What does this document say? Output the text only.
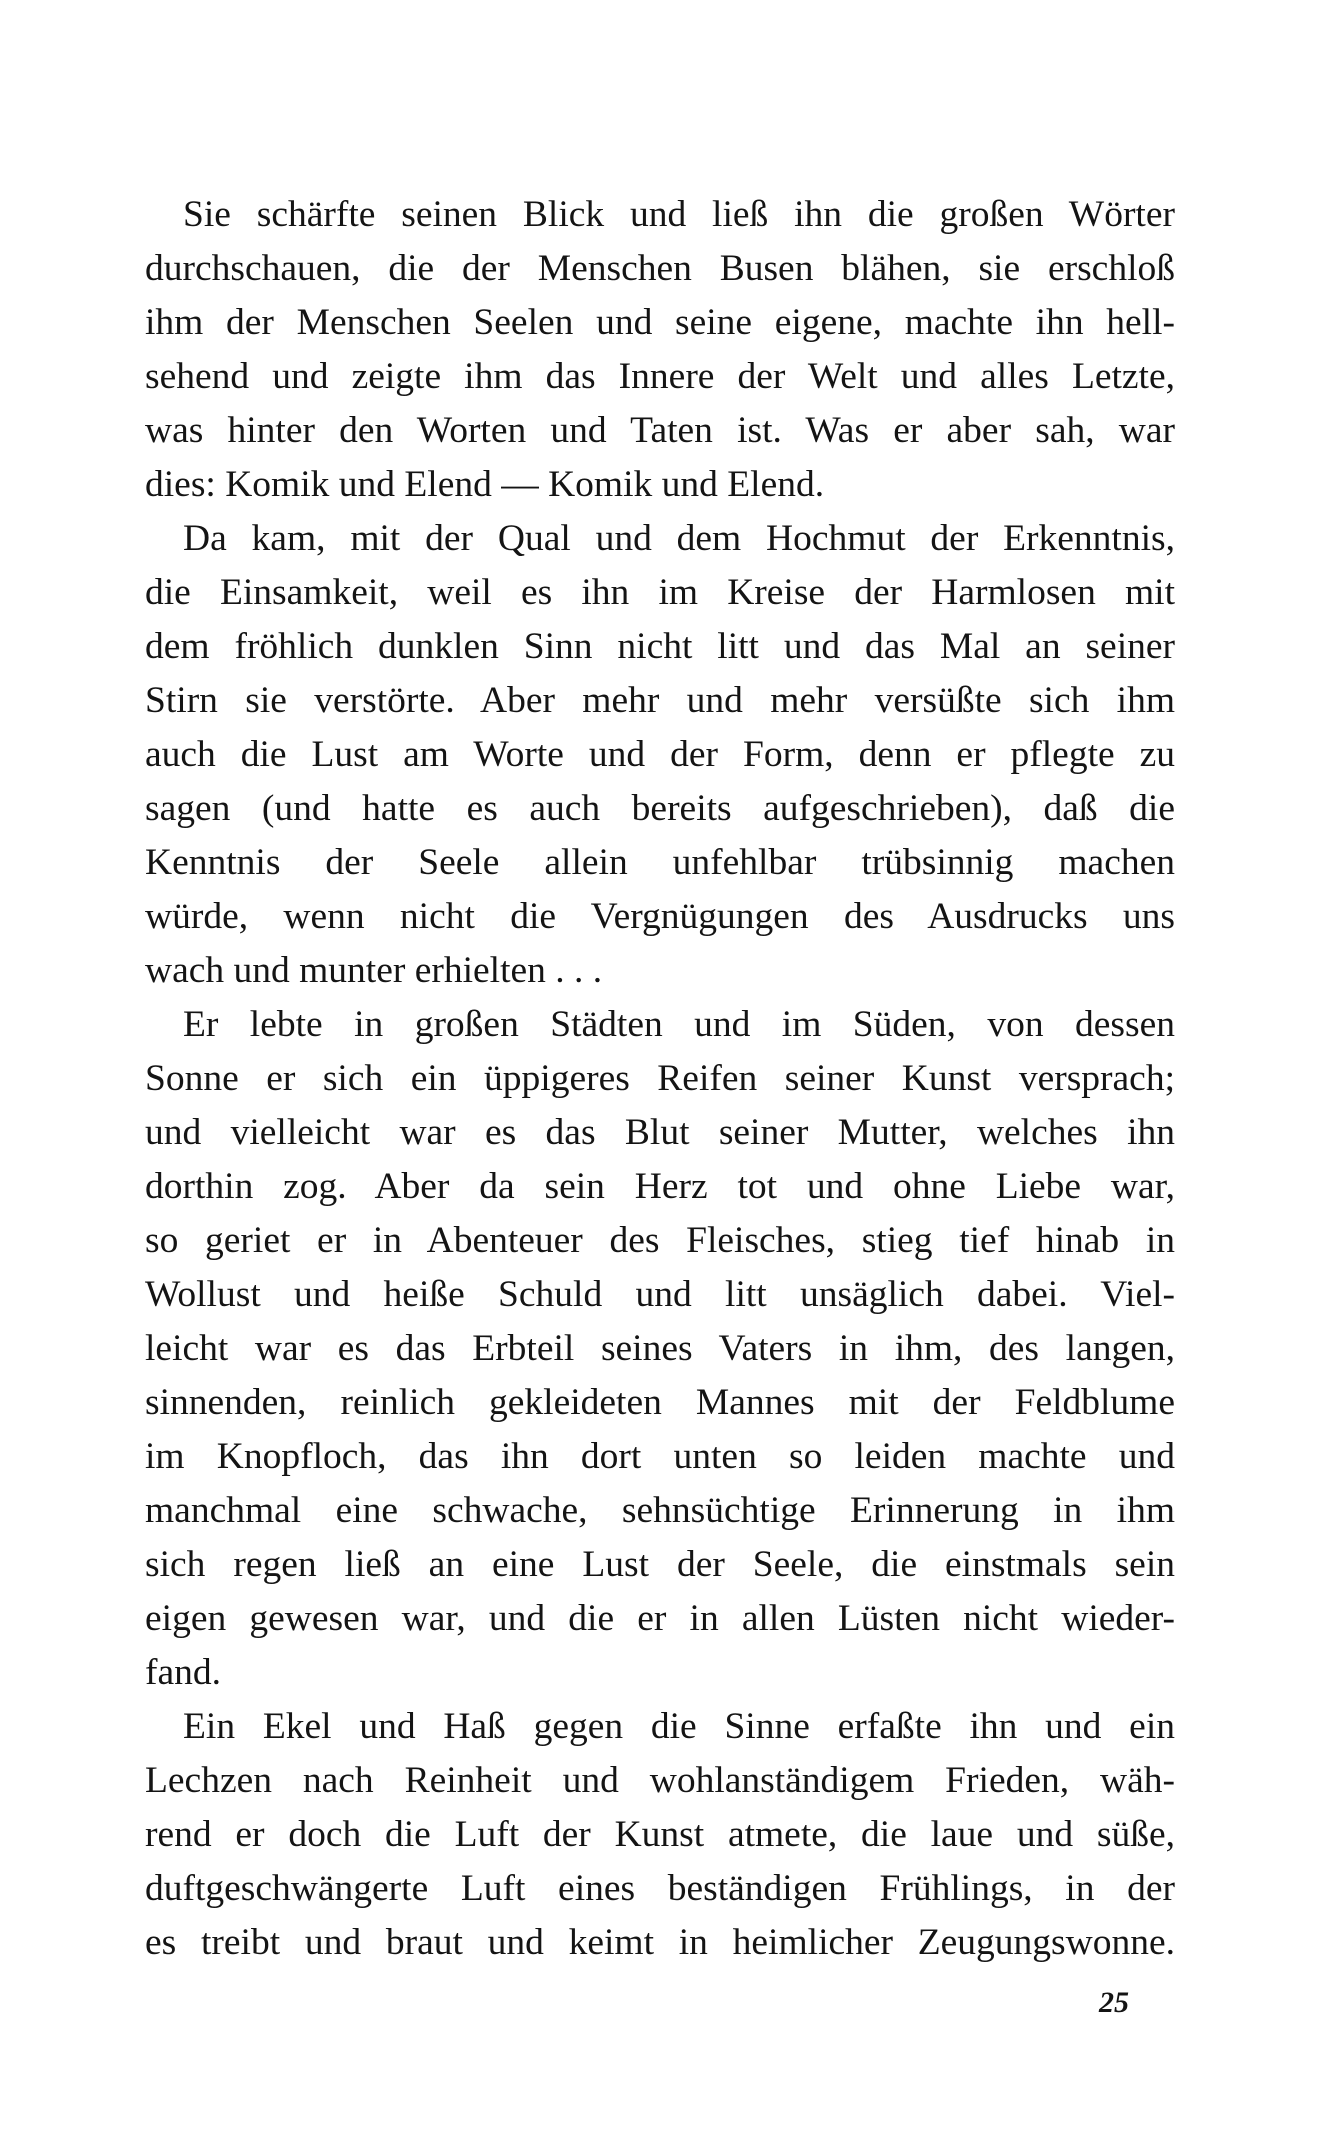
Sie schärfte seinen Blick und ließ ihn die großen Wörter
durchschauen, die der Menschen Busen blähen, sie erschloß
ihm der Menschen Seelen und seine eigene, machte ihn hell-
sehend und zeigte ihm das Innere der Welt und alles Letzte,
was hinter den Worten und Taten ist. Was er aber sah, war
dies: Komik und Elend — Komik und Elend.
Da kam, mit der Qual und dem Hochmut der Erkenntnis,
die Einsamkeit, weil es ihn im Kreise der Harmlosen mit
dem fröhlich dunklen Sinn nicht litt und das Mal an seiner
Stirn sie verstörte. Aber mehr und mehr versüßte sich ihm
auch die Lust am Worte und der Form, denn er pflegte zu
sagen (und hatte es auch bereits aufgeschrieben), daß die
Kenntnis der Seele allein unfehlbar trübsinnig machen
würde, wenn nicht die Vergnügungen des Ausdrucks uns
wach und munter erhielten . . .
Er lebte in großen Städten und im Süden, von dessen
Sonne er sich ein üppigeres Reifen seiner Kunst versprach;
und vielleicht war es das Blut seiner Mutter, welches ihn
dorthin zog. Aber da sein Herz tot und ohne Liebe war,
so geriet er in Abenteuer des Fleisches, stieg tief hinab in
Wollust und heiße Schuld und litt unsäglich dabei. Viel-
leicht war es das Erbteil seines Vaters in ihm, des langen,
sinnenden, reinlich gekleideten Mannes mit der Feldblume
im Knopfloch, das ihn dort unten so leiden machte und
manchmal eine schwache, sehnsüchtige Erinnerung in ihm
sich regen ließ an eine Lust der Seele, die einstmals sein
eigen gewesen war, und die er in allen Lüsten nicht wieder-
fand.
Ein Ekel und Haß gegen die Sinne erfaßte ihn und ein
Lechzen nach Reinheit und wohlanständigem Frieden, wäh-
rend er doch die Luft der Kunst atmete, die laue und süße,
duftgeschwängerte Luft eines beständigen Frühlings, in der
es treibt und braut und keimt in heimlicher Zeugungswonne.
25
